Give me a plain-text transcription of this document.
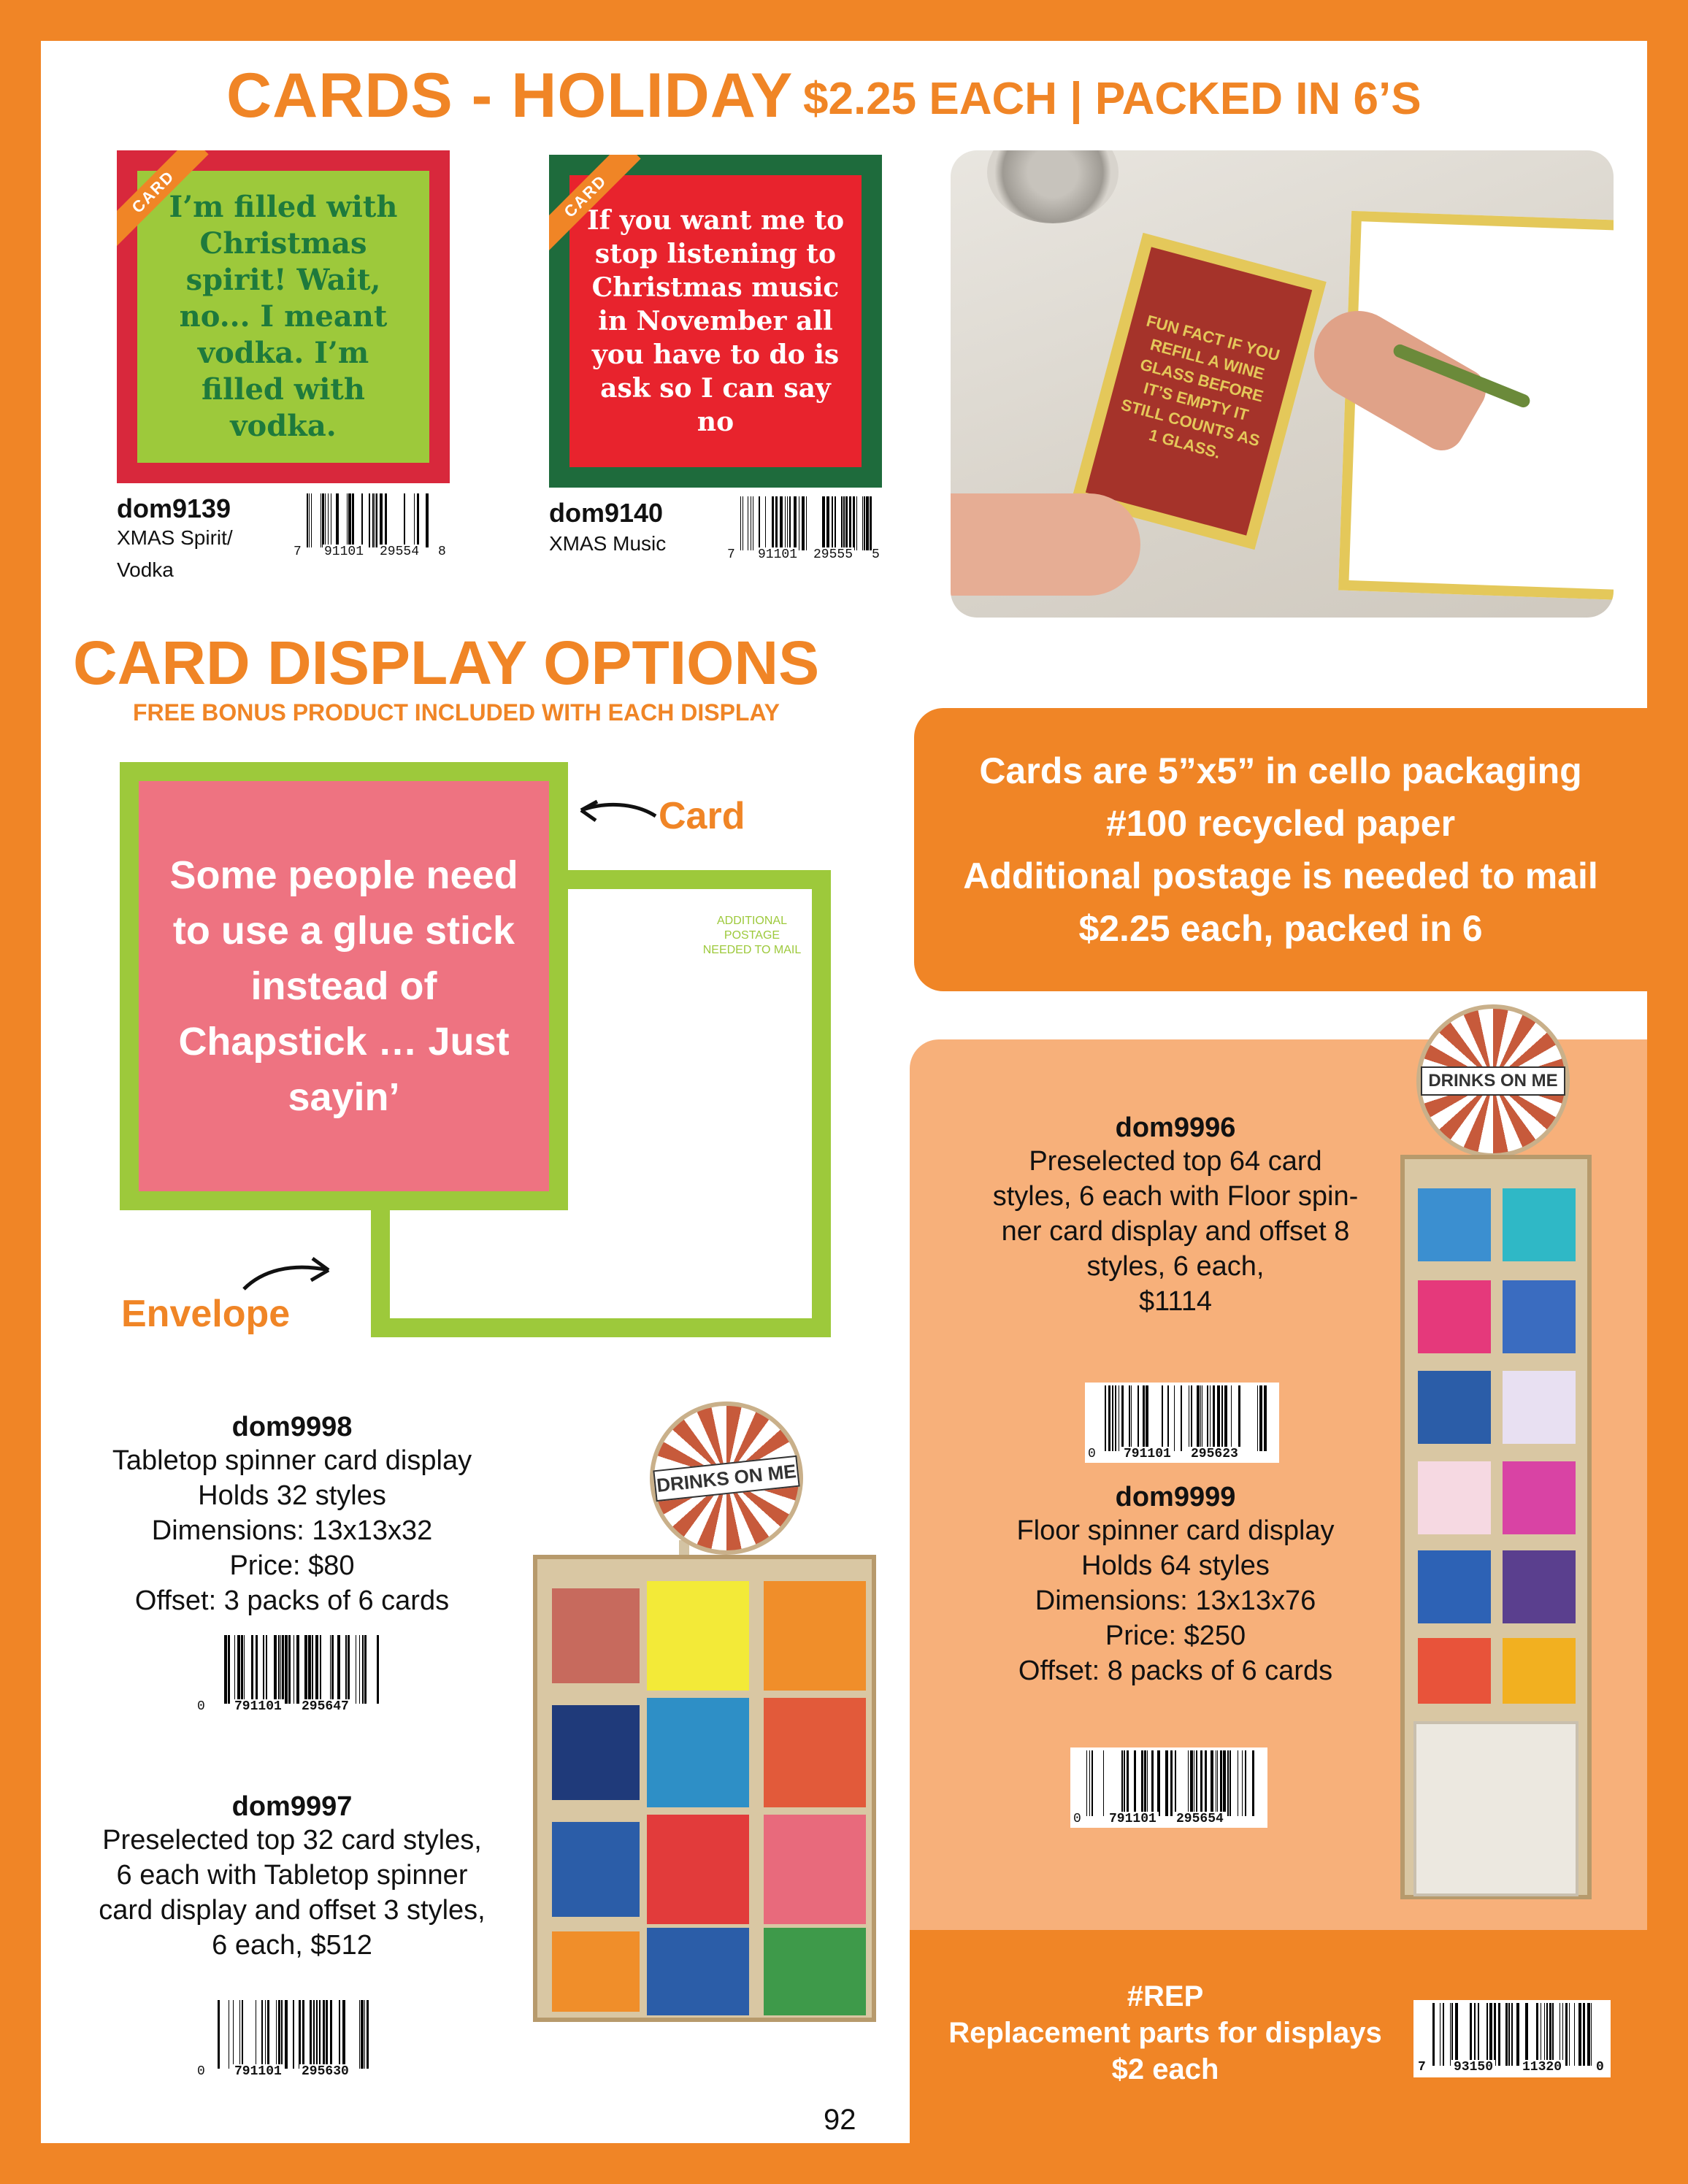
CARDS - HOLIDAY $2.25 EACH | PACKED IN 6’S
CARD
I’m filled with Christmas spirit! Wait, no... I meant vodka. I’m filled with vodka.
dom9139
XMAS Spirit/
Vodka
7 91101 29554 8
CARD
If you want me to stop listening to Christmas music in November all you have to do is ask so I can say no
dom9140
XMAS Music	7 91101 29555 5
FUN FACT IF YOU REFILL A WINE GLASS BEFORE IT’S EMPTY IT STILL COUNTS AS 1 GLASS.
CARD DISPLAY OPTIONS
FREE BONUS PRODUCT INCLUDED WITH EACH DISPLAY
Cards are 5”x5” in cello packaging
#100 recycled paper
Additional postage is needed to mail
$2.25 each, packed in 6
Some people need to use a glue stick instead of Chapstick … Just sayin’
ADDITIONAL POSTAGE NEEDED TO MAIL
Card
Envelope
dom9998
Tabletop spinner card display
Holds 32 styles
Dimensions: 13x13x32
Price: $80
Offset: 3 packs of 6 cards
0 791101 295647
dom9997
Preselected top 32 card styles,
6 each with Tabletop spinner
card display and offset 3 styles,
6 each, $512
0 791101 295630
DRINKS ON ME
dom9996
Preselected top 64 card
styles, 6 each with Floor spin-
ner card display and offset 8
styles, 6 each,
$1114
0 791101 295623
dom9999
Floor spinner card display
Holds 64 styles
Dimensions: 13x13x76
Price: $250
Offset: 8 packs of 6 cards
0 791101 295654
DRINKS ON ME
#REP
Replacement parts for displays
$2 each	7 93150 11320	0
92
